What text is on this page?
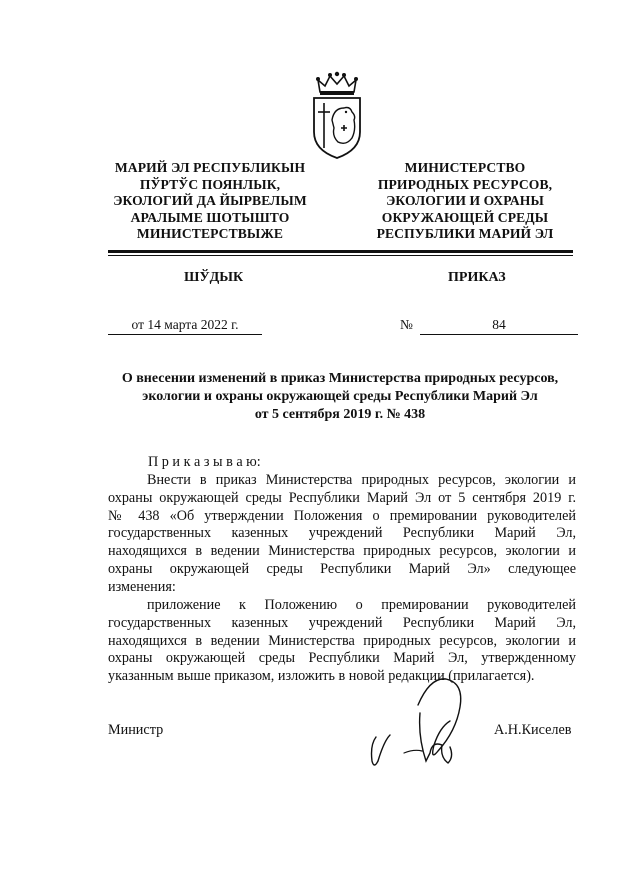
МАРИЙ ЭЛ РЕСПУБЛИКЫН
ПЎРТЎС ПОЯНЛЫК,
ЭКОЛОГИЙ ДА ЙЫРВЕЛЫМ
АРАЛЫМЕ ШОТЫШТО
МИНИСТЕРСТВЫЖЕ
МИНИСТЕРСТВО
ПРИРОДНЫХ РЕСУРСОВ,
ЭКОЛОГИИ И ОХРАНЫ
ОКРУЖАЮЩЕЙ СРЕДЫ
РЕСПУБЛИКИ МАРИЙ ЭЛ
ШЎДЫК	ПРИКАЗ
от 14 марта 2022 г.	№	84
О внесении изменений в приказ Министерства природных ресурсов,
экологии и охраны окружающей среды Республики Марий Эл
от 5 сентября 2019 г. № 438
П р и к а з ы в а ю:
Внести в приказ Министерства природных ресурсов, экологии и
охраны окружающей среды Республики Марий Эл от 5 сентября 2019 г.
№ 438 «Об утверждении Положения о премировании руководителей
государственных казенных учреждений Республики Марий Эл,
находящихся в ведении Министерства природных ресурсов, экологии и
охраны окружающей среды Республики Марий Эл» следующее
изменения:
приложение к Положению о премировании руководителей
государственных казенных учреждений Республики Марий Эл,
находящихся в ведении Министерства природных ресурсов, экологии и
охраны окружающей среды Республики Марий Эл, утвержденному
указанным выше приказом, изложить в новой редакции (прилагается).
Министр	А.Н.Киселев
